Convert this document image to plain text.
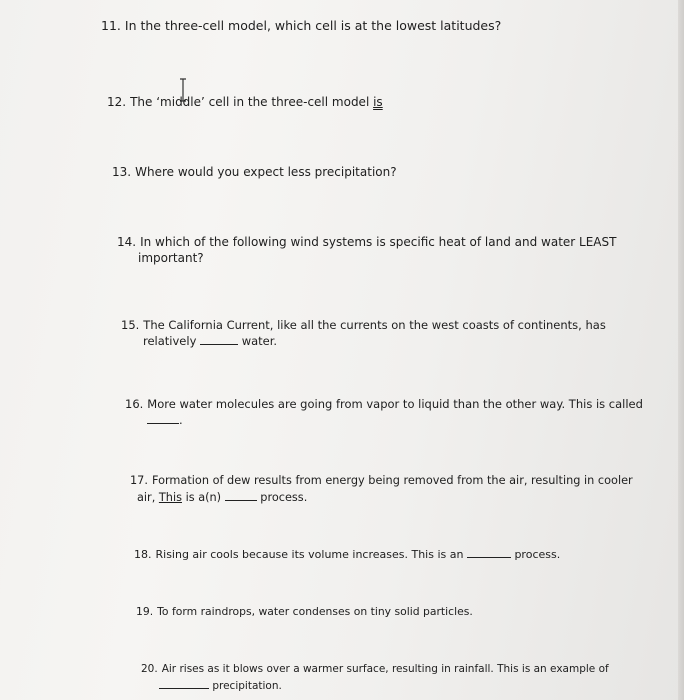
11. In the three-cell model, which cell is at the lowest latitudes?
12. The ‘middle’ cell in the three-cell model is
13. Where would you expect less precipitation?
14. In which of the following wind systems is specific heat of land and water LEAST
important?
15. The California Current, like all the currents on the west coasts of continents, has
relatively	water.
16. More water molecules are going from vapor to liquid than the other way. This is called
.
17. Formation of dew results from energy being removed from the air, resulting in cooler
air, This is a(n)	process.
18. Rising air cools because its volume increases. This is an	process.
19. To form raindrops, water condenses on tiny solid particles.
20. Air rises as it blows over a warmer surface, resulting in rainfall. This is an example of
precipitation.
